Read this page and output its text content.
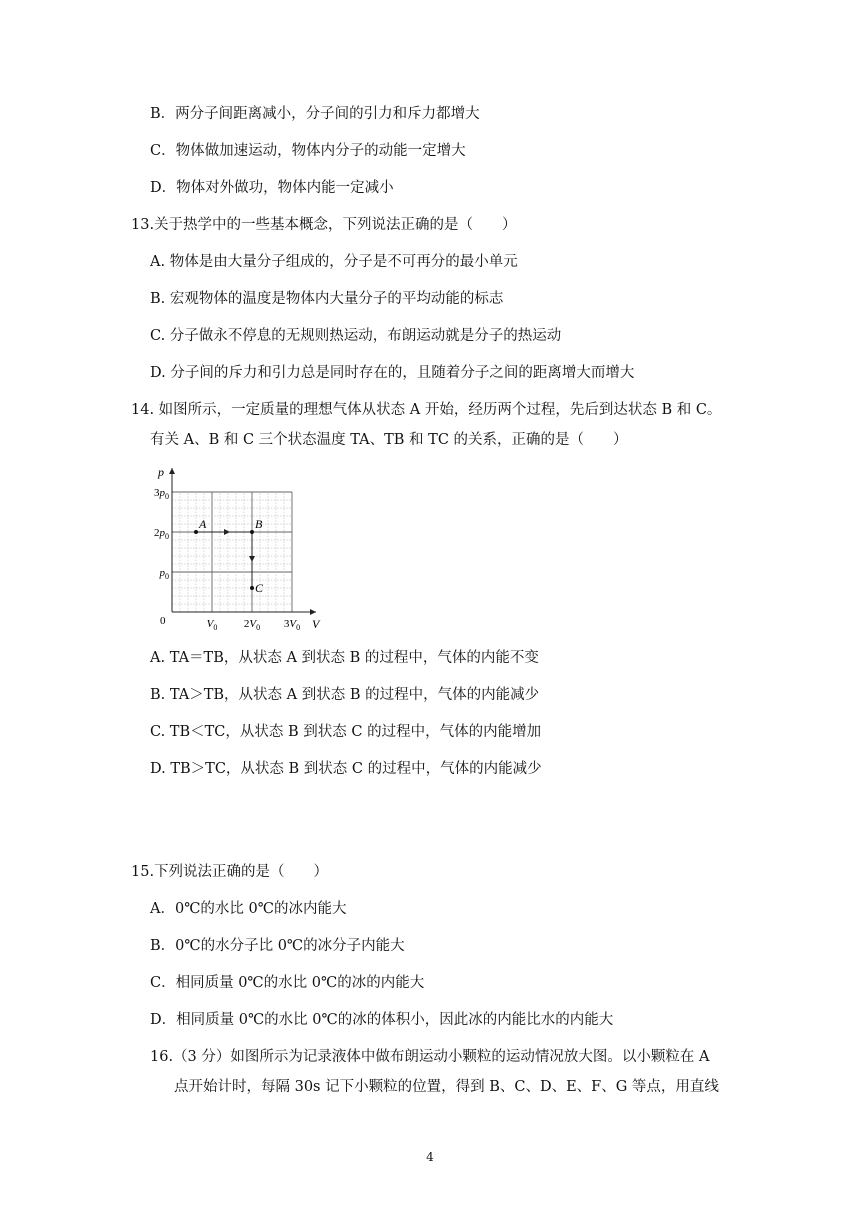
B．两分子间距离减小，分子间的引力和斥力都增大
C．物体做加速运动，物体内分子的动能一定增大
D．物体对外做功，物体内能一定减小
13.关于热学中的一些基本概念，下列说法正确的是（　　）
A. 物体是由大量分子组成的，分子是不可再分的最小单元
B. 宏观物体的温度是物体内大量分子的平均动能的标志
C. 分子做永不停息的无规则热运动，布朗运动就是分子的热运动
D. 分子间的斥力和引力总是同时存在的，且随着分子之间的距离增大而增大
14. 如图所示，一定质量的理想气体从状态 A 开始，经历两个过程，先后到达状态 B 和 C。
有关 A、B 和 C 三个状态温度 TA、TB 和 TC 的关系，正确的是（　　）
p
V
0
$3p_0$
$2p_0$
$p_0$
$V_0$ $2V_0$ $3V_0$
A	B
C
A. TA＝TB，从状态 A 到状态 B 的过程中，气体的内能不变
B. TA＞TB，从状态 A 到状态 B 的过程中，气体的内能减少
C. TB＜TC，从状态 B 到状态 C 的过程中，气体的内能增加
D. TB＞TC，从状态 B 到状态 C 的过程中，气体的内能减少
15.下列说法正确的是（　　）
A．0℃的水比 0℃的冰内能大
B．0℃的水分子比 0℃的冰分子内能大
C．相同质量 0℃的水比 0℃的冰的内能大
D．相同质量 0℃的水比 0℃的冰的体积小，因此冰的内能比水的内能大
16.（3 分）如图所示为记录液体中做布朗运动小颗粒的运动情况放大图。以小颗粒在 A
点开始计时，每隔 30s 记下小颗粒的位置，得到 B、C、D、E、F、G 等点，用直线
4
